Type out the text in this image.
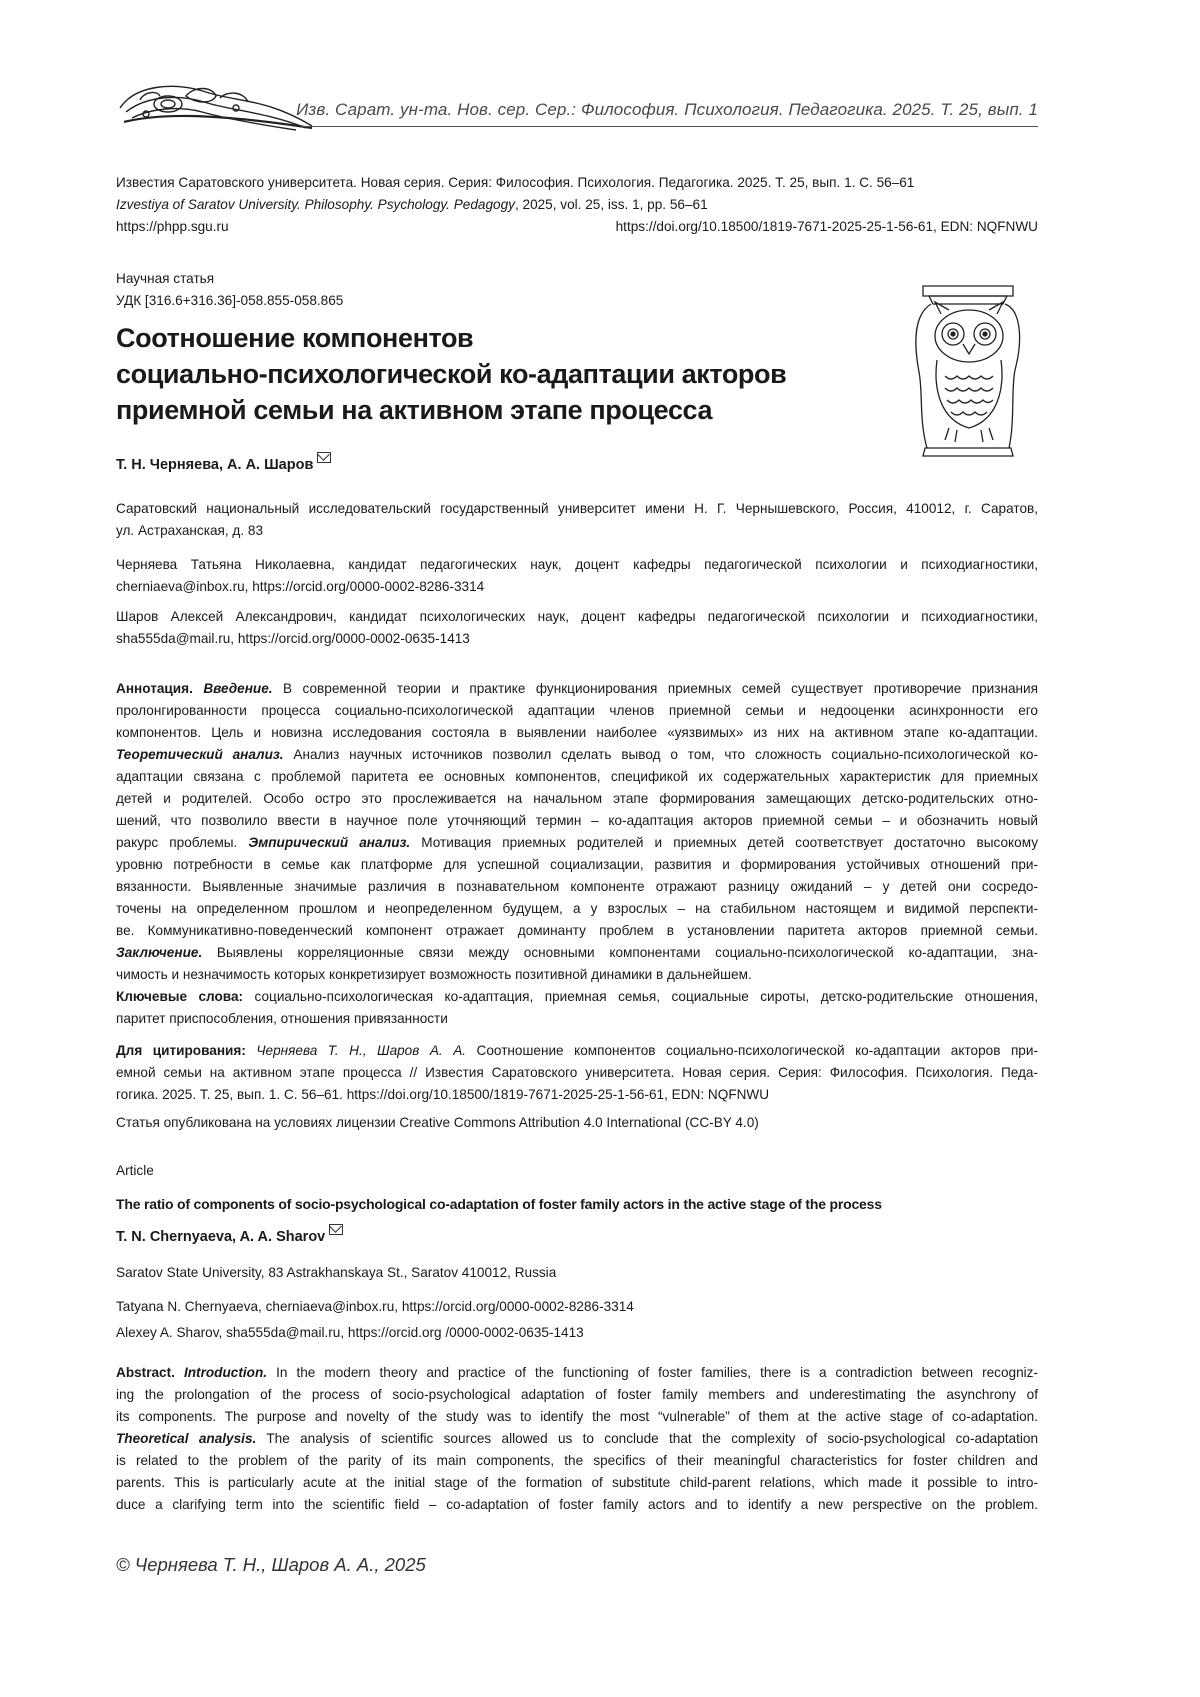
Изв. Сарат. ун-та. Нов. сер. Сер.: Философия. Психология. Педагогика. 2025. Т. 25, вып. 1
Известия Саратовского университета. Новая серия. Серия: Философия. Психология. Педагогика. 2025. Т. 25, вып. 1. С. 56–61
Izvestiya of Saratov University. Philosophy. Psychology. Pedagogy, 2025, vol. 25, iss. 1, pp. 56–61
https://phpp.sgu.ru	https://doi.org/10.18500/1819-7671-2025-25-1-56-61, EDN: NQFNWU
Научная статья
УДК [316.6+316.36]-058.855-058.865
Соотношение компонентов
социально-психологической ко-адаптации акторов
приемной семьи на активном этапе процесса
Т. Н. Черняева, А. А. Шаров

Саратовский национальный исследовательский государственный университет имени Н. Г. Чернышевского, Россия, 410012, г. Саратов,
ул. Астраханская, д. 83

Черняева Татьяна Николаевна, кандидат педагогических наук, доцент кафедры педагогической психологии и психодиагностики,
cherniaeva@inbox.ru, https://orcid.org/0000-0002-8286-3314

Шаров Алексей Александрович, кандидат психологических наук, доцент кафедры педагогической психологии и психодиагностики,
sha555da@mail.ru, https://orcid.org/0000-0002-0635-1413

Аннотация. Введение. В современной теории и практике функционирования приемных семей существует противоречие признания
пролонгированности процесса социально-психологической адаптации членов приемной семьи и недооценки асинхронности его
компонентов. Цель и новизна исследования состояла в выявлении наиболее «уязвимых» из них на активном этапе ко-адаптации.
Теоретический анализ. Анализ научных источников позволил сделать вывод о том, что сложность социально-психологической ко-
адаптации связана с проблемой паритета ее основных компонентов, спецификой их содержательных характеристик для приемных
детей и родителей. Особо остро это прослеживается на начальном этапе формирования замещающих детско-родительских отно-
шений, что позволило ввести в научное поле уточняющий термин – ко-адаптация акторов приемной семьи – и обозначить новый
ракурс проблемы. Эмпирический анализ. Мотивация приемных родителей и приемных детей соответствует достаточно высокому
уровню потребности в семье как платформе для успешной социализации, развития и формирования устойчивых отношений при-
вязанности. Выявленные значимые различия в познавательном компоненте отражают разницу ожиданий – у детей они сосредо-
точены на определенном прошлом и неопределенном будущем, а у взрослых – на стабильном настоящем и видимой перспекти-
ве. Коммуникативно-поведенческий компонент отражает доминанту проблем в установлении паритета акторов приемной семьи.
Заключение. Выявлены корреляционные связи между основными компонентами социально-психологической ко-адаптации, зна-
чимость и незначимость которых конкретизирует возможность позитивной динамики в дальнейшем.

Ключевые слова: социально-психологическая ко-адаптация, приемная семья, социальные сироты, детско-родительские отношения,
паритет приспособления, отношения привязанности

Для цитирования: Черняева Т. Н., Шаров А. А. Соотношение компонентов социально-психологической ко-адаптации акторов при-
емной семьи на активном этапе процесса // Известия Саратовского университета. Новая серия. Серия: Философия. Психология. Педа-
гогика. 2025. Т. 25, вып. 1. С. 56–61. https://doi.org/10.18500/1819-7671-2025-25-1-56-61, EDN: NQFNWU

Статья опубликована на условиях лицензии Creative Commons Attribution 4.0 International (CC-BY 4.0)

Article

The ratio of components of socio-psychological co-adaptation of foster family actors in the active stage of the process
T. N. Chernyaeva, A. A. Sharov

Saratov State University, 83 Astrakhanskaya St., Saratov 410012, Russia

Tatyana N. Chernyaeva, cherniaeva@inbox.ru, https://orcid.org/0000-0002-8286-3314

Alexey A. Sharov, sha555da@mail.ru, https://orcid.org /0000-0002-0635-1413

Abstract. Introduction. In the modern theory and practice of the functioning of foster families, there is a contradiction between recogniz-
ing the prolongation of the process of socio-psychological adaptation of foster family members and underestimating the asynchrony of
its components. The purpose and novelty of the study was to identify the most “vulnerable” of them at the active stage of co-adaptation.
Theoretical analysis. The analysis of scientific sources allowed us to conclude that the complexity of socio-psychological co-adaptation
is related to the problem of the parity of its main components, the specifics of their meaningful characteristics for foster children and
parents. This is particularly acute at the initial stage of the formation of substitute child-parent relations, which made it possible to intro-
duce a clarifying term into the scientific field – co-adaptation of foster family actors and to identify a new perspective on the problem.

© Черняева Т. Н., Шаров А. А., 2025
